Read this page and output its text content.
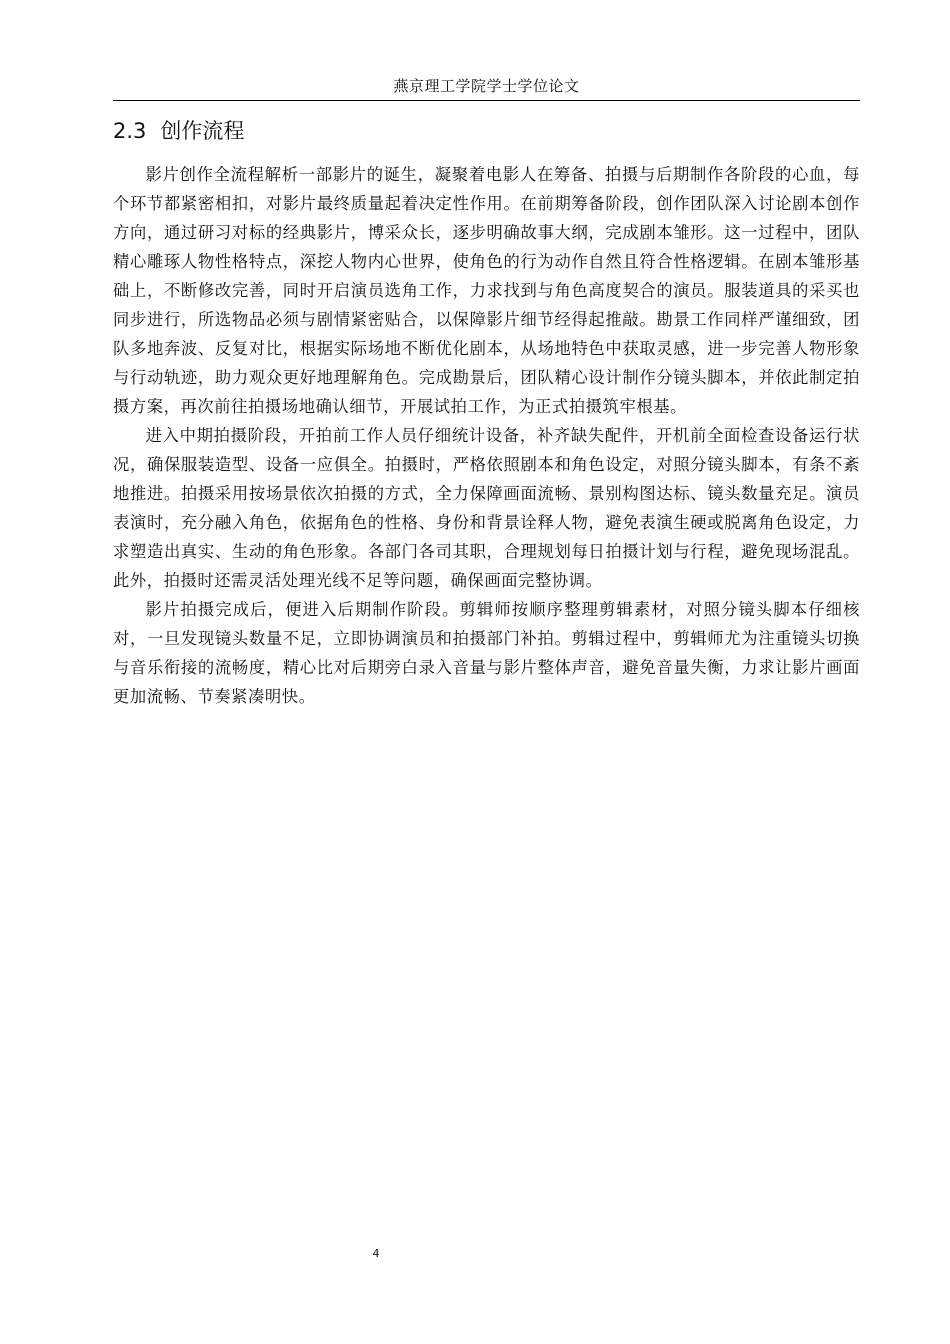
燕京理工学院学士学位论文
2.3 创作流程

影片创作全流程解析一部影片的诞生，凝聚着电影人在筹备、拍摄与后期制作各阶段的心血，每个环节都紧密相扣，对影片最终质量起着决定性作用。在前期筹备阶段，创作团队深入讨论剧本创作方向，通过研习对标的经典影片，博采众长，逐步明确故事大纲，完成剧本雏形。这一过程中，团队精心雕琢人物性格特点，深挖人物内心世界，使角色的行为动作自然且符合性格逻辑。在剧本雏形基础上，不断修改完善，同时开启演员选角工作，力求找到与角色高度契合的演员。服装道具的采买也同步进行，所选物品必须与剧情紧密贴合，以保障影片细节经得起推敲。勘景工作同样严谨细致，团队多地奔波、反复对比，根据实际场地不断优化剧本，从场地特色中获取灵感，进一步完善人物形象与行动轨迹，助力观众更好地理解角色。完成勘景后，团队精心设计制作分镜头脚本，并依此制定拍摄方案，再次前往拍摄场地确认细节，开展试拍工作，为正式拍摄筑牢根基。

进入中期拍摄阶段，开拍前工作人员仔细统计设备，补齐缺失配件，开机前全面检查设备运行状况，确保服装造型、设备一应俱全。拍摄时，严格依照剧本和角色设定，对照分镜头脚本，有条不紊地推进。拍摄采用按场景依次拍摄的方式，全力保障画面流畅、景别构图达标、镜头数量充足。演员表演时，充分融入角色，依据角色的性格、身份和背景诠释人物，避免表演生硬或脱离角色设定，力求塑造出真实、生动的角色形象。各部门各司其职，合理规划每日拍摄计划与行程，避免现场混乱。此外，拍摄时还需灵活处理光线不足等问题，确保画面完整协调。

影片拍摄完成后，便进入后期制作阶段。剪辑师按顺序整理剪辑素材，对照分镜头脚本仔细核对，一旦发现镜头数量不足，立即协调演员和拍摄部门补拍。剪辑过程中，剪辑师尤为注重镜头切换与音乐衔接的流畅度，精心比对后期旁白录入音量与影片整体声音，避免音量失衡，力求让影片画面更加流畅、节奏紧凑明快。

4
